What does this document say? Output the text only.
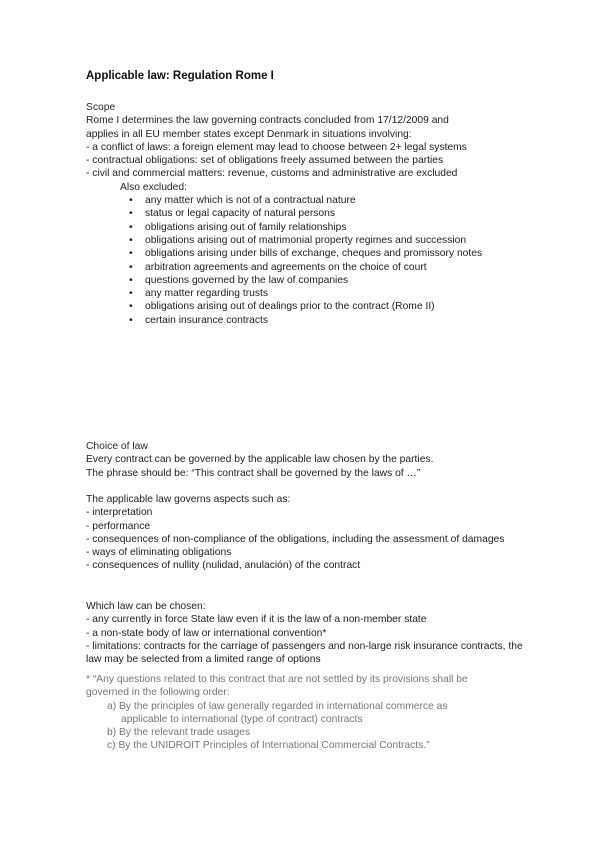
Applicable law: Regulation Rome I
Scope
Rome I determines the law governing contracts concluded from 17/12/2009 and
applies in all EU member states except Denmark in situations involving:
- a conflict of laws: a foreign element may lead to choose between 2+ legal systems
- contractual obligations: set of obligations freely assumed between the parties
- civil and commercial matters: revenue, customs and administrative are excluded
Also excluded:
• any matter which is not of a contractual nature
• status or legal capacity of natural persons
• obligations arising out of family relationships
• obligations arising out of matrimonial property regimes and succession
• obligations arising under bills of exchange, cheques and promissory notes
• arbitration agreements and agreements on the choice of court
• questions governed by the law of companies
• any matter regarding trusts
• obligations arising out of dealings prior to the contract (Rome II)
• certain insurance contracts
Choice of law
Every contract can be governed by the applicable law chosen by the parties.
The phrase should be: “This contract shall be governed by the laws of …”
The applicable law governs aspects such as:
- interpretation
- performance
- consequences of non-compliance of the obligations, including the assessment of damages
- ways of eliminating obligations
- consequences of nullity (nulidad, anulación) of the contract
Which law can be chosen:
- any currently in force State law even if it is the law of a non-member state
- a non-state body of law or international convention*
- limitations: contracts for the carriage of passengers and non-large risk insurance contracts, the law may be selected from a limited range of options
* “Any questions related to this contract that are not settled by its provisions shall be
governed in the following order:
a) By the principles of law generally regarded in international commerce as
applicable to international (type of contract) contracts
b) By the relevant trade usages
c) By the UNIDROIT Principles of International Commercial Contracts.”
